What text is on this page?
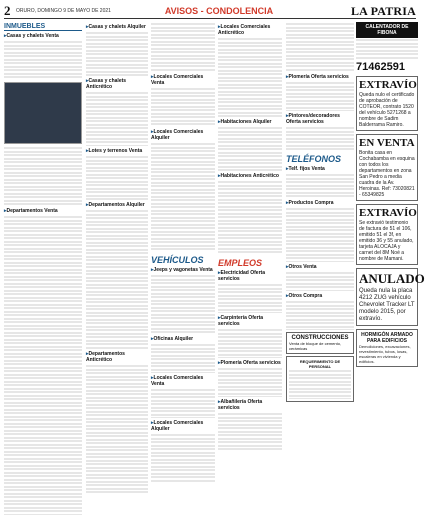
2 ORURO, DOMINGO 9 DE MAYO DE 2021	AVISOS - CONDOLENCIA	LA PATRIA
INMUEBLES
▸ Casas y chalets Venta
▸ Departamentos Venta
▸ Casas y chalets Alquiler
▸ Casas y chalets Anticrético
▸ Lotes y terrenos Venta
▸ Departamentos Alquiler
▸ Departamentos Anticrético
▸ Locales Comerciales Venta
▸ Locales Comerciales Alquiler
VEHÍCULOS
▸ Jeeps y vagonetas Venta
▸ Oficinas Alquiler
▸ Locales Comerciales Venta
▸ Locales Comerciales Alquiler
▸ Locales Comerciales Anticrético
▸ Habitaciones Alquiler
▸ Habitaciones Anticrético
EMPLEOS
▸ Electricidad Oferta servicios
▸ Carpintería Oferta servicios
▸ Plomería Oferta servicios
▸ Albañilería Oferta servicios
▸ Plomería Oferta servicios
▸ Pintores/decoradores Oferta servicios
TELÉFONOS
▸ Telf. fijos Venta
▸ Productos Compra
▸ Otros Venta
▸ Otros Compra
CONSTRUCCIONES
Venta de bloque de cemento, cerámicas
REQUERIMIENTO DE PERSONAL
CALENTADOR DE FIBONA
71462591
EXTRAVÍO
Queda nulo el certificado de aprobación de COTEOR, contrato 1520 del vehículo 5271268 a nombre de Sadim Balderrama Ramiro.
EN VENTA
Bonita casa en Cochabamba en esquina con todos los departamentos en zona San Pedro a media cuadra de la Av. Heroinas. Ref: 73020821 - 65349825
EXTRAVÍO
Se extravió testimonio de factura de 51 el 106, emitido 51 el 3f, en emitido 36 y 55 anulado, tarjeta ALOCAJA y carnet del 8M Noé a nombre de Mamani.
ANULADO
Queda nula la placa 4212 ZUG vehículo Chevrolet Tracker LT modelo 2015, por extravío.
HORMIGÓN ARMADO PARA EDIFICIOS
Demoliciones, excavaciones, revestimiento, tubos, losas, escaleras en vivienda y edificios.
